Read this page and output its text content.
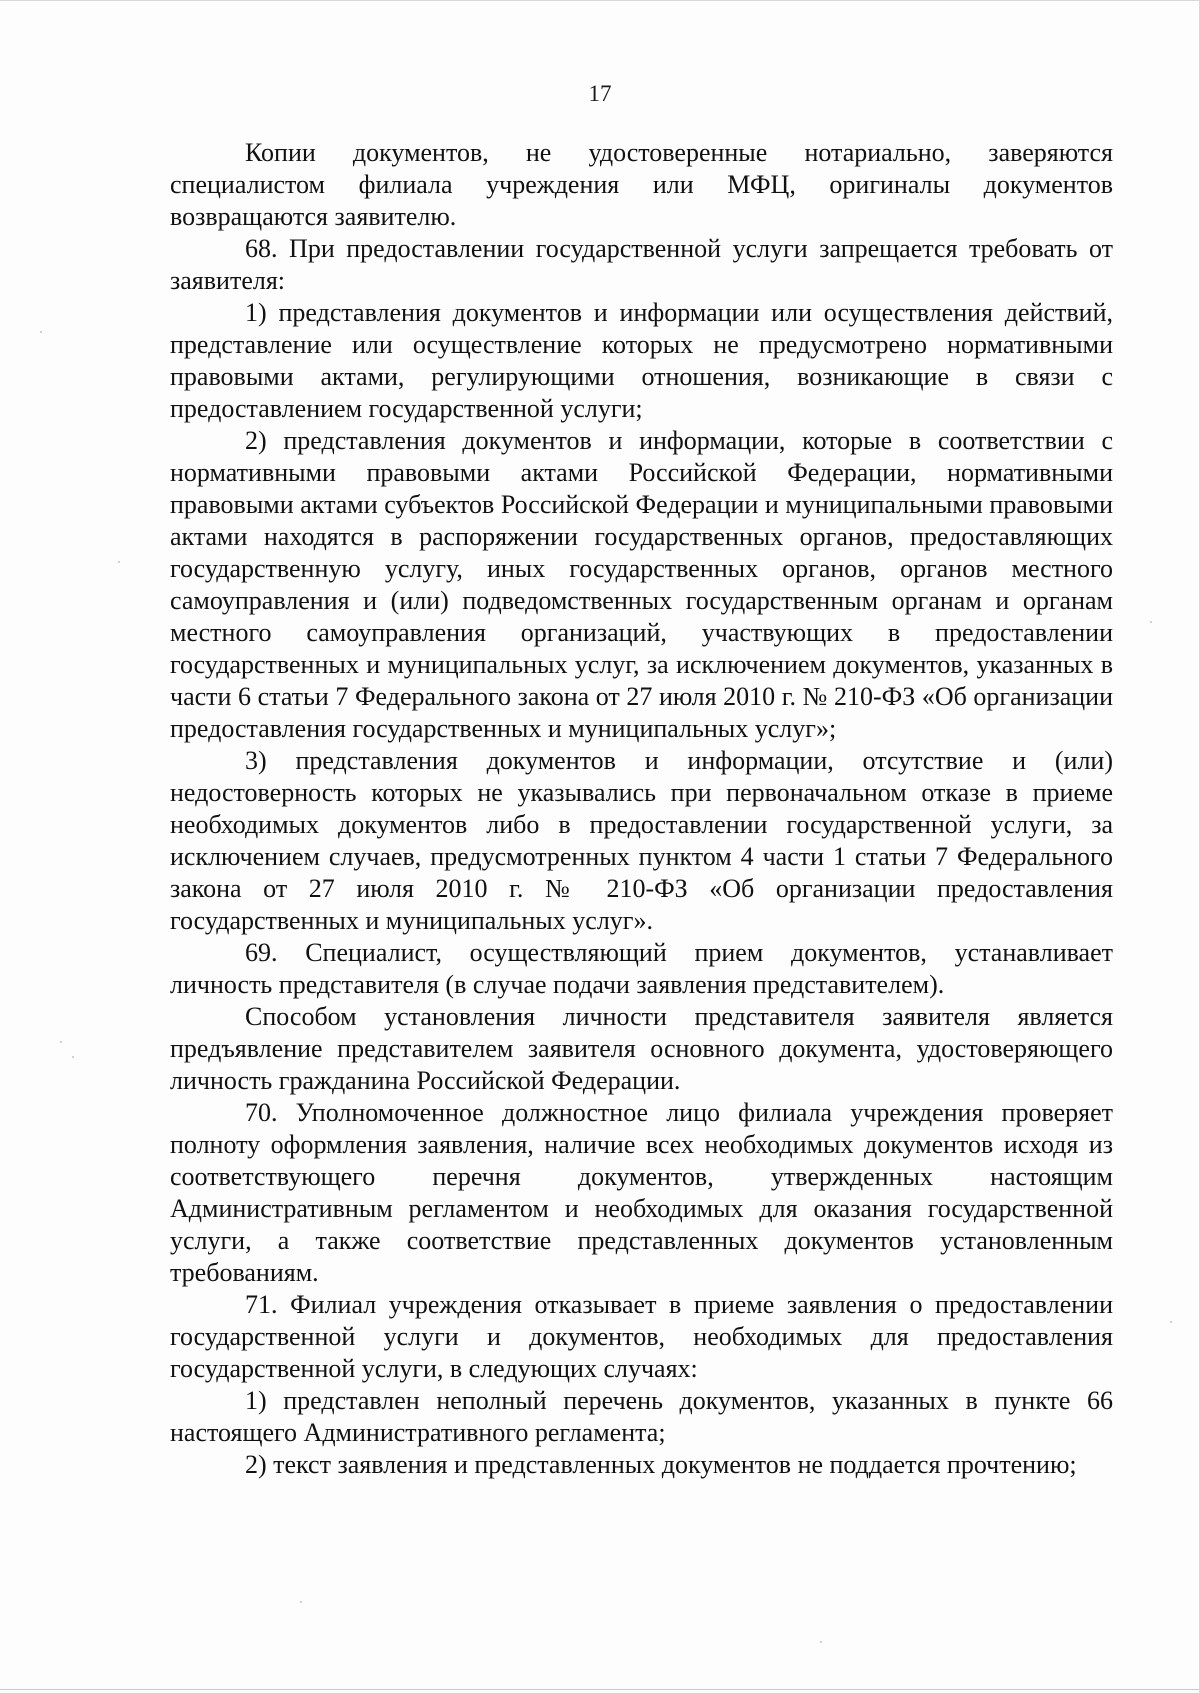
17

Копии документов, не удостоверенные нотариально, заверяются специалистом филиала учреждения или МФЦ, оригиналы документов возвращаются заявителю.

68. При предоставлении государственной услуги запрещается требовать от заявителя:

1) представления документов и информации или осуществления действий, представление или осуществление которых не предусмотрено нормативными правовыми актами, регулирующими отношения, возникающие в связи с предоставлением государственной услуги;

2) представления документов и информации, которые в соответствии с нормативными правовыми актами Российской Федерации, нормативными правовыми актами субъектов Российской Федерации и муниципальными правовыми актами находятся в распоряжении государственных органов, предоставляющих государственную услугу, иных государственных органов, органов местного самоуправления и (или) подведомственных государственным органам и органам местного самоуправления организаций, участвующих в предоставлении государственных и муниципальных услуг, за исключением документов, указанных в части 6 статьи 7 Федерального закона от 27 июля 2010 г. № 210-ФЗ «Об организации предоставления государственных и муниципальных услуг»;

3) представления документов и информации, отсутствие и (или) недостоверность которых не указывались при первоначальном отказе в приеме необходимых документов либо в предоставлении государственной услуги, за исключением случаев, предусмотренных пунктом 4 части 1 статьи 7 Федерального закона от 27 июля 2010 г. № 210-ФЗ «Об организации предоставления государственных и муниципальных услуг».

69. Специалист, осуществляющий прием документов, устанавливает личность представителя (в случае подачи заявления представителем).

Способом установления личности представителя заявителя является предъявление представителем заявителя основного документа, удостоверяющего личность гражданина Российской Федерации.

70. Уполномоченное должностное лицо филиала учреждения проверяет полноту оформления заявления, наличие всех необходимых документов исходя из соответствующего перечня документов, утвержденных настоящим Административным регламентом и необходимых для оказания государственной услуги, а также соответствие представленных документов установленным требованиям.

71. Филиал учреждения отказывает в приеме заявления о предоставлении государственной услуги и документов, необходимых для предоставления государственной услуги, в следующих случаях:

1) представлен неполный перечень документов, указанных в пункте 66 настоящего Административного регламента;

2) текст заявления и представленных документов не поддается прочтению;
